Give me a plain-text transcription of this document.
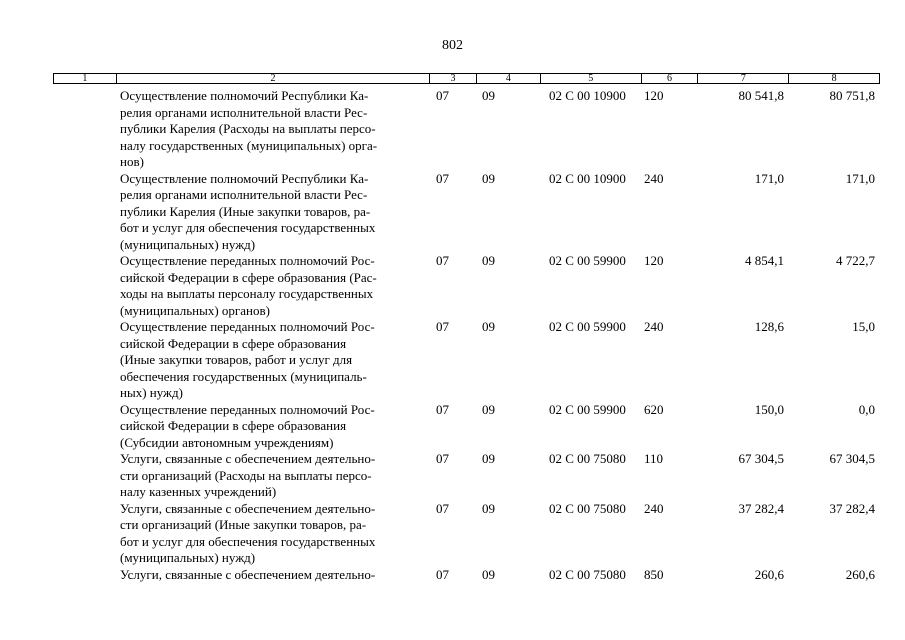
802
1	2	3	4	5	6	7	8
Осуществление полномочий Республики Ка-
релия органами исполнительной власти Рес-
публики Карелия (Расходы на выплаты персо-
налу государственных (муниципальных) орга-
нов)
07	09	02 С 00 10900	120	80 541,8	80 751,8
Осуществление полномочий Республики Ка-
релия органами исполнительной власти Рес-
публики Карелия (Иные закупки товаров, ра-
бот и услуг для обеспечения государственных
(муниципальных) нужд)
07	09	02 С 00 10900	240	171,0	171,0
Осуществление переданных полномочий Рос-
сийской Федерации в сфере образования (Рас-
ходы на выплаты персоналу государственных
(муниципальных) органов)
07	09	02 С 00 59900	120	4 854,1	4 722,7
Осуществление переданных полномочий Рос-
сийской Федерации в сфере образования
(Иные закупки товаров, работ и услуг для
обеспечения государственных (муниципаль-
ных) нужд)
07	09	02 С 00 59900	240	128,6	15,0
Осуществление переданных полномочий Рос-
сийской Федерации в сфере образования
(Субсидии автономным учреждениям)
07	09	02 С 00 59900	620	150,0	0,0
Услуги, связанные с обеспечением деятельно-
сти организаций (Расходы на выплаты персо-
налу казенных учреждений)
07	09	02 С 00 75080	110	67 304,5	67 304,5
Услуги, связанные с обеспечением деятельно-
сти организаций (Иные закупки товаров, ра-
бот и услуг для обеспечения государственных
(муниципальных) нужд)
07	09	02 С 00 75080	240	37 282,4	37 282,4
Услуги, связанные с обеспечением деятельно-	07	09	02 С 00 75080	850	260,6	260,6
